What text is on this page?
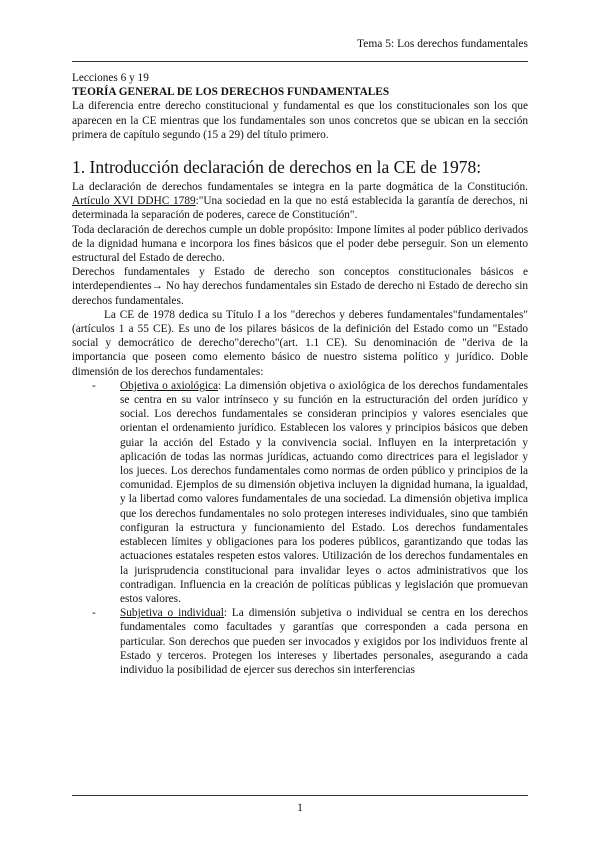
Tema 5: Los derechos fundamentales

Lecciones 6 y 19

TEORÍA GENERAL DE LOS DERECHOS FUNDAMENTALES

La diferencia entre derecho constitucional y fundamental es que los constitucionales son los que aparecen en la CE mientras que los fundamentales son unos concretos que se ubican en la sección primera de capítulo segundo (15 a 29) del título primero.

1. Introducción declaración de derechos en la CE de 1978:

La declaración de derechos fundamentales se integra en la parte dogmática de la Constitución. Artículo XVI DDHC 1789:"Una sociedad en la que no está establecida la garantía de derechos, ni determinada la separación de poderes, carece de Constitución".

Toda declaración de derechos cumple un doble propósito: Impone límites al poder público derivados de la dignidad humana e incorpora los fines básicos que el poder debe perseguir. Son un elemento estructural del Estado de derecho.

Derechos fundamentales y Estado de derecho son conceptos constitucionales básicos e interdependientes→ No hay derechos fundamentales sin Estado de derecho ni Estado de derecho sin derechos fundamentales.

La CE de 1978 dedica su Título I a los "derechos y deberes fundamentales"fundamentales"(artículos 1 a 55 CE). Es uno de los pilares básicos de la definición del Estado como un "Estado social y democrático de derecho"derecho"(art. 1.1 CE). Su denominación de "deriva de la importancia que poseen como elemento básico de nuestro sistema político y jurídico. Doble dimensión de los derechos fundamentales:

- Objetiva o axiológica: La dimensión objetiva o axiológica de los derechos fundamentales se centra en su valor intrínseco y su función en la estructuración del orden jurídico y social. Los derechos fundamentales se consideran principios y valores esenciales que orientan el ordenamiento jurídico. Establecen los valores y principios básicos que deben guiar la acción del Estado y la convivencia social. Influyen en la interpretación y aplicación de todas las normas jurídicas, actuando como directrices para el legislador y los jueces. Los derechos fundamentales como normas de orden público y principios de la comunidad. Ejemplos de su dimensión objetiva incluyen la dignidad humana, la igualdad, y la libertad como valores fundamentales de una sociedad. La dimensión objetiva implica que los derechos fundamentales no solo protegen intereses individuales, sino que también configuran la estructura y funcionamiento del Estado. Los derechos fundamentales establecen límites y obligaciones para los poderes públicos, garantizando que todas las actuaciones estatales respeten estos valores. Utilización de los derechos fundamentales en la jurisprudencia constitucional para invalidar leyes o actos administrativos que los contradigan. Influencia en la creación de políticas públicas y legislación que promuevan estos valores.
- Subjetiva o individual: La dimensión subjetiva o individual se centra en los derechos fundamentales como facultades y garantías que corresponden a cada persona en particular. Son derechos que pueden ser invocados y exigidos por los individuos frente al Estado y terceros. Protegen los intereses y libertades personales, asegurando a cada individuo la posibilidad de ejercer sus derechos sin interferencias
1
